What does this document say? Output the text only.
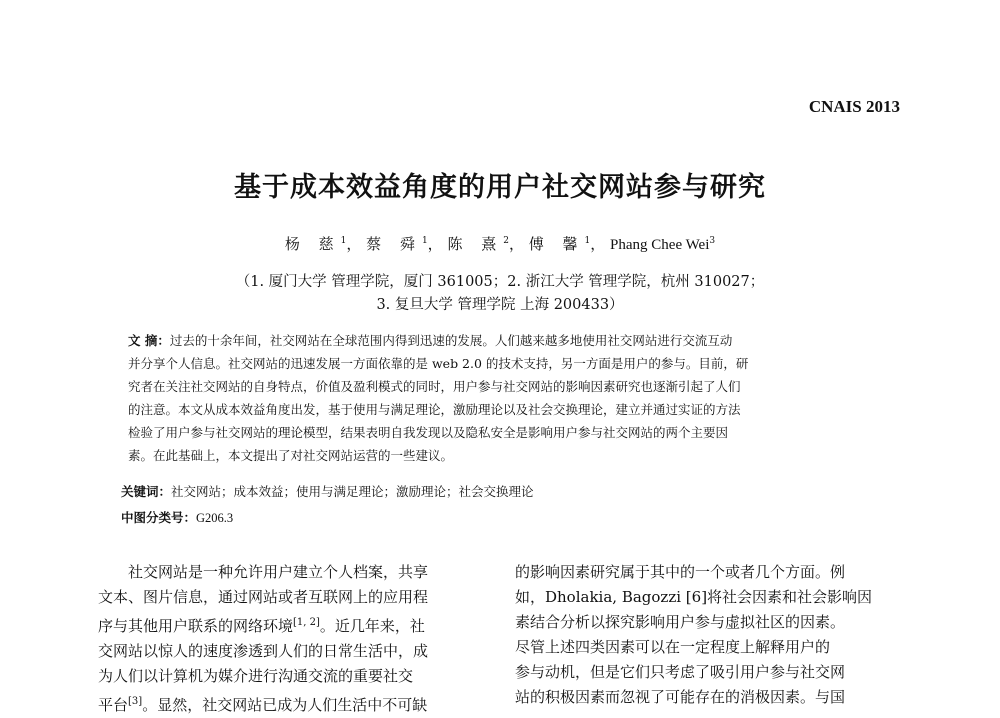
CNAIS 2013
基于成本效益角度的用户社交网站参与研究
杨 慈$^1$， 蔡 舜$^1$， 陈 熹$^2$， 傅 馨$^1$， Phang Chee Wei$^3$
（1. 厦门大学 管理学院，厦门 361005；2. 浙江大学 管理学院，杭州 310027；
3. 复旦大学 管理学院 上海 200433）
文 摘：过去的十余年间，社交网站在全球范围内得到迅速的发展。人们越来越多地使用社交网站进行交流互动
并分享个人信息。社交网站的迅速发展一方面依靠的是 web 2.0 的技术支持，另一方面是用户的参与。目前，研
究者在关注社交网站的自身特点，价值及盈利模式的同时，用户参与社交网站的影响因素研究也逐渐引起了人们
的注意。本文从成本效益角度出发，基于使用与满足理论，激励理论以及社会交换理论，建立并通过实证的方法
检验了用户参与社交网站的理论模型，结果表明自我发现以及隐私安全是影响用户参与社交网站的两个主要因
素。在此基础上，本文提出了对社交网站运营的一些建议。
关键词：社交网站；成本效益；使用与满足理论；激励理论；社会交换理论
中图分类号：G206.3
社交网站是一种允许用户建立个人档案，共享
文本、图片信息，通过网站或者互联网上的应用程
序与其他用户联系的网络环境[1, 2]。近几年来，社
交网站以惊人的速度渗透到人们的日常生活中，成
为人们以计算机为媒介进行沟通交流的重要社交
平台[3]。显然，社交网站已成为人们生活中不可缺
的影响因素研究属于其中的一个或者几个方面。例
如，Dholakia, Bagozzi [6]将社会因素和社会影响因
素结合分析以探究影响用户参与虚拟社区的因素。
尽管上述四类因素可以在一定程度上解释用户的
参与动机，但是它们只考虑了吸引用户参与社交网
站的积极因素而忽视了可能存在的消极因素。与国
